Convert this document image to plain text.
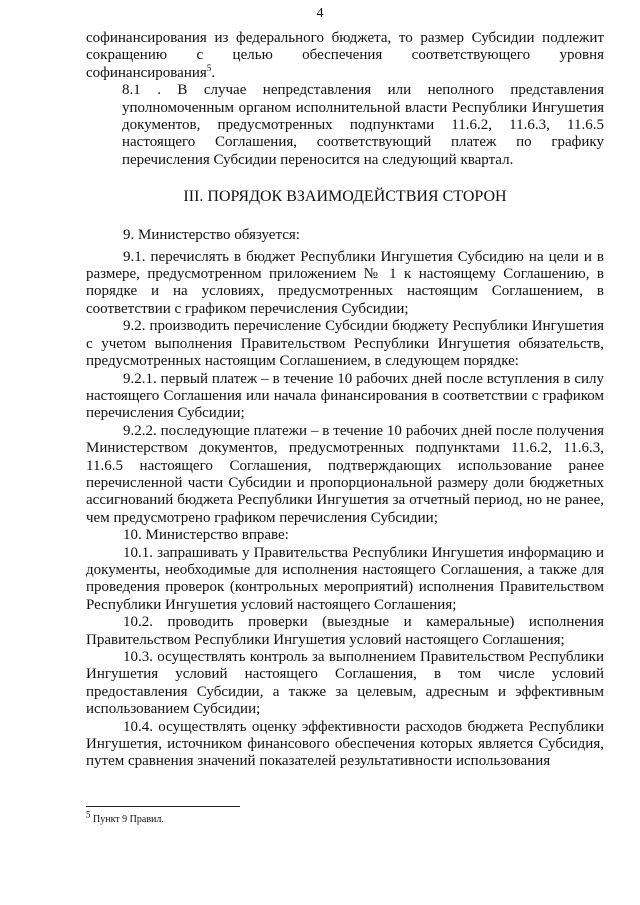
4

софинансирования из федерального бюджета, то размер Субсидии подлежит сокращению с целью обеспечения соответствующего уровня софинансирования$^5$.

8.1 . В случае непредставления или неполного представления уполномоченным органом исполнительной власти Республики Ингушетия документов, предусмотренных подпунктами 11.6.2, 11.6.3, 11.6.5 настоящего Соглашения, соответствующий платеж по графику перечисления Субсидии переносится на следующий квартал.

III. ПОРЯДОК ВЗАИМОДЕЙСТВИЯ СТОРОН

9. Министерство обязуется:

9.1. перечислять в бюджет Республики Ингушетия Субсидию на цели и в размере, предусмотренном приложением № 1 к настоящему Соглашению, в порядке и на условиях, предусмотренных настоящим Соглашением, в соответствии с графиком перечисления Субсидии;

9.2. производить перечисление Субсидии бюджету Республики Ингушетия с учетом выполнения Правительством Республики Ингушетия обязательств, предусмотренных настоящим Соглашением, в следующем порядке:

9.2.1. первый платеж – в течение 10 рабочих дней после вступления в силу настоящего Соглашения или начала финансирования в соответствии с графиком перечисления Субсидии;

9.2.2. последующие платежи – в течение 10 рабочих дней после получения Министерством документов, предусмотренных подпунктами 11.6.2, 11.6.3, 11.6.5 настоящего Соглашения, подтверждающих использование ранее перечисленной части Субсидии и пропорциональной размеру доли бюджетных ассигнований бюджета Республики Ингушетия за отчетный период, но не ранее, чем предусмотрено графиком перечисления Субсидии;

10. Министерство вправе:

10.1. запрашивать у Правительства Республики Ингушетия информацию и документы, необходимые для исполнения настоящего Соглашения, а также для проведения проверок (контрольных мероприятий) исполнения Правительством Республики Ингушетия условий настоящего Соглашения;

10.2. проводить проверки (выездные и камеральные) исполнения Правительством Республики Ингушетия условий настоящего Соглашения;

10.3. осуществлять контроль за выполнением Правительством Республики Ингушетия условий настоящего Соглашения, в том числе условий предоставления Субсидии, а также за целевым, адресным и эффективным использованием Субсидии;

10.4. осуществлять оценку эффективности расходов бюджета Республики Ингушетия, источником финансового обеспечения которых является Субсидия, путем сравнения значений показателей результативности использования

$^5$ Пункт 9 Правил.
